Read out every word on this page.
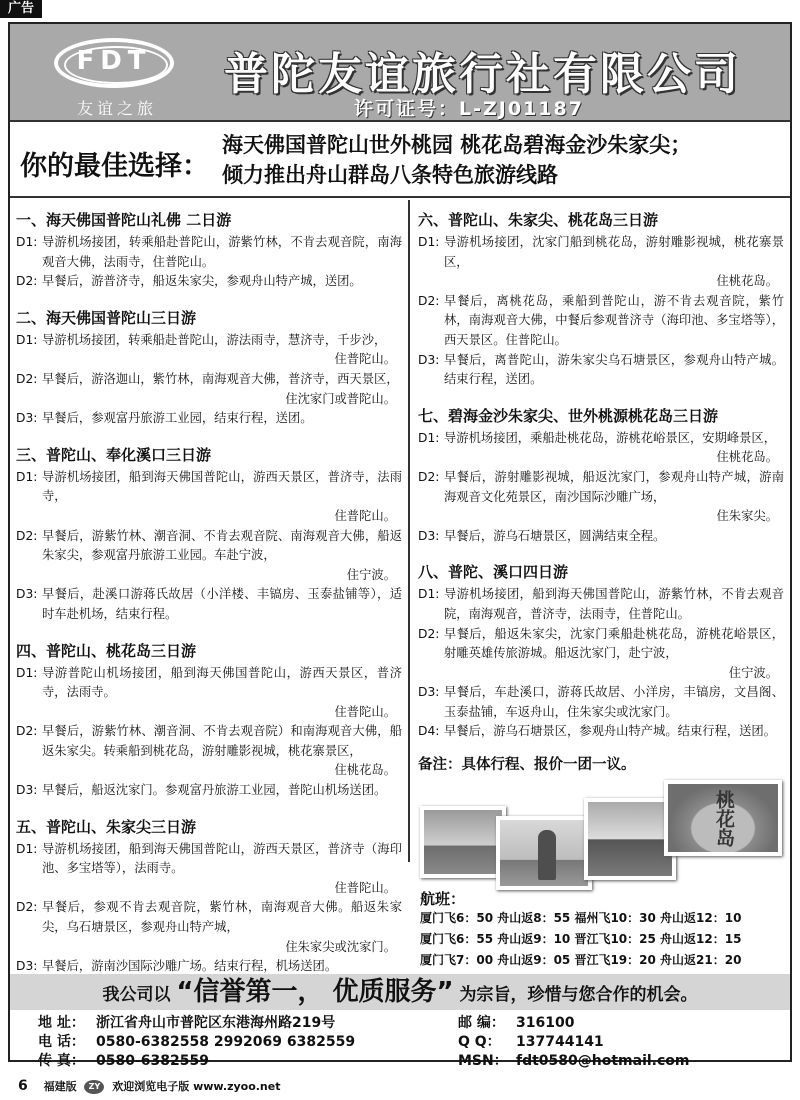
广告
FDT
友谊之旅
普陀友谊旅行社有限公司
许可证号：L-ZJ01187
你的最佳选择：
海天佛国普陀山世外桃园 桃花岛碧海金沙朱家尖；
倾力推出舟山群岛八条特色旅游线路
一、海天佛国普陀山礼佛 二日游
D1: 导游机场接团，转乘船赴普陀山，游紫竹林，不肯去观音院，南海观音大佛，法雨寺，住普陀山。
D2: 早餐后，游普济寺，船返朱家尖，参观舟山特产城，送团。
二、海天佛国普陀山三日游
D1: 导游机场接团，转乘船赴普陀山，游法雨寺，慧济寺，千步沙，
住普陀山。
D2: 早餐后，游洛迦山，紫竹林，南海观音大佛，普济寺，西天景区，
住沈家门或普陀山。
D3: 早餐后，参观富丹旅游工业园，结束行程，送团。
三、普陀山、奉化溪口三日游
D1: 导游机场接团，船到海天佛国普陀山，游西天景区，普济寺，法雨寺，
住普陀山。
D2: 早餐后，游紫竹林、潮音洞、不肯去观音院、南海观音大佛，船返朱家尖，参观富丹旅游工业园。车赴宁波，
住宁波。
D3: 早餐后，赴溪口游蒋氏故居（小洋楼、丰镐房、玉泰盐铺等），适时车赴机场，结束行程。
四、普陀山、桃花岛三日游
D1: 导游普陀山机场接团，船到海天佛国普陀山，游西天景区，普济寺，法雨寺。
住普陀山。
D2: 早餐后，游紫竹林、潮音洞、不肯去观音院）和南海观音大佛，船返朱家尖。转乘船到桃花岛，游射雕影视城，桃花寨景区，
住桃花岛。
D3: 早餐后，船返沈家门。参观富丹旅游工业园，普陀山机场送团。
五、普陀山、朱家尖三日游
D1: 导游机场接团，船到海天佛国普陀山，游西天景区，普济寺（海印池、多宝塔等），法雨寺。
住普陀山。
D2: 早餐后，参观不肯去观音院，紫竹林，南海观音大佛。船返朱家尖，乌石塘景区，参观舟山特产城，
住朱家尖或沈家门。
D3: 早餐后，游南沙国际沙雕广场。结束行程，机场送团。
六、普陀山、朱家尖、桃花岛三日游
D1: 导游机场接团，沈家门船到桃花岛，游射雕影视城，桃花寨景区，
住桃花岛。
D2: 早餐后，离桃花岛，乘船到普陀山，游不肯去观音院，紫竹林，南海观音大佛，中餐后参观普济寺（海印池、多宝塔等），西天景区。住普陀山。
D3: 早餐后，离普陀山，游朱家尖乌石塘景区，参观舟山特产城。结束行程，送团。
七、碧海金沙朱家尖、世外桃源桃花岛三日游
D1: 导游机场接团，乘船赴桃花岛，游桃花峪景区，安期峰景区，
住桃花岛。
D2: 早餐后，游射雕影视城，船返沈家门，参观舟山特产城，游南海观音文化苑景区，南沙国际沙雕广场，
住朱家尖。
D3: 早餐后，游乌石塘景区，圆满结束全程。
八、普陀、溪口四日游
D1: 导游机场接团，船到海天佛国普陀山，游紫竹林，不肯去观音院，南海观音，普济寺，法雨寺，住普陀山。
D2: 早餐后，船返朱家尖，沈家门乘船赴桃花岛，游桃花峪景区，射雕英雄传旅游城。船返沈家门，赴宁波，
住宁波。
D3: 早餐后，车赴溪口，游蒋氏故居、小洋房，丰镐房，文昌阁、玉泰盐铺，车返舟山，住朱家尖或沈家门。
D4: 早餐后，游乌石塘景区，参观舟山特产城。结束行程，送团。
备注：具体行程、报价一团一议。
桃花岛
航班：
厦门飞6：50 舟山返8：55 福州飞10：30 舟山返12：10
厦门飞6：55 舟山返9：10 晋江飞10：25 舟山返12：15
厦门飞7：00 舟山返9：05 晋江飞19：20 舟山返21：20
我公司以 “信誉第一， 优质服务” 为宗旨，珍惜与您合作的机会。
地 址： 浙江省舟山市普陀区东港海州路219号
电 话： 0580-6382558 2992069 6382559
传 真： 0580-6382559
邮 编： 316100
Q Q： 137744141
MSN： fdt0580@hotmail.com
6 福建版 ZY 欢迎浏览电子版 www.zyoo.net
